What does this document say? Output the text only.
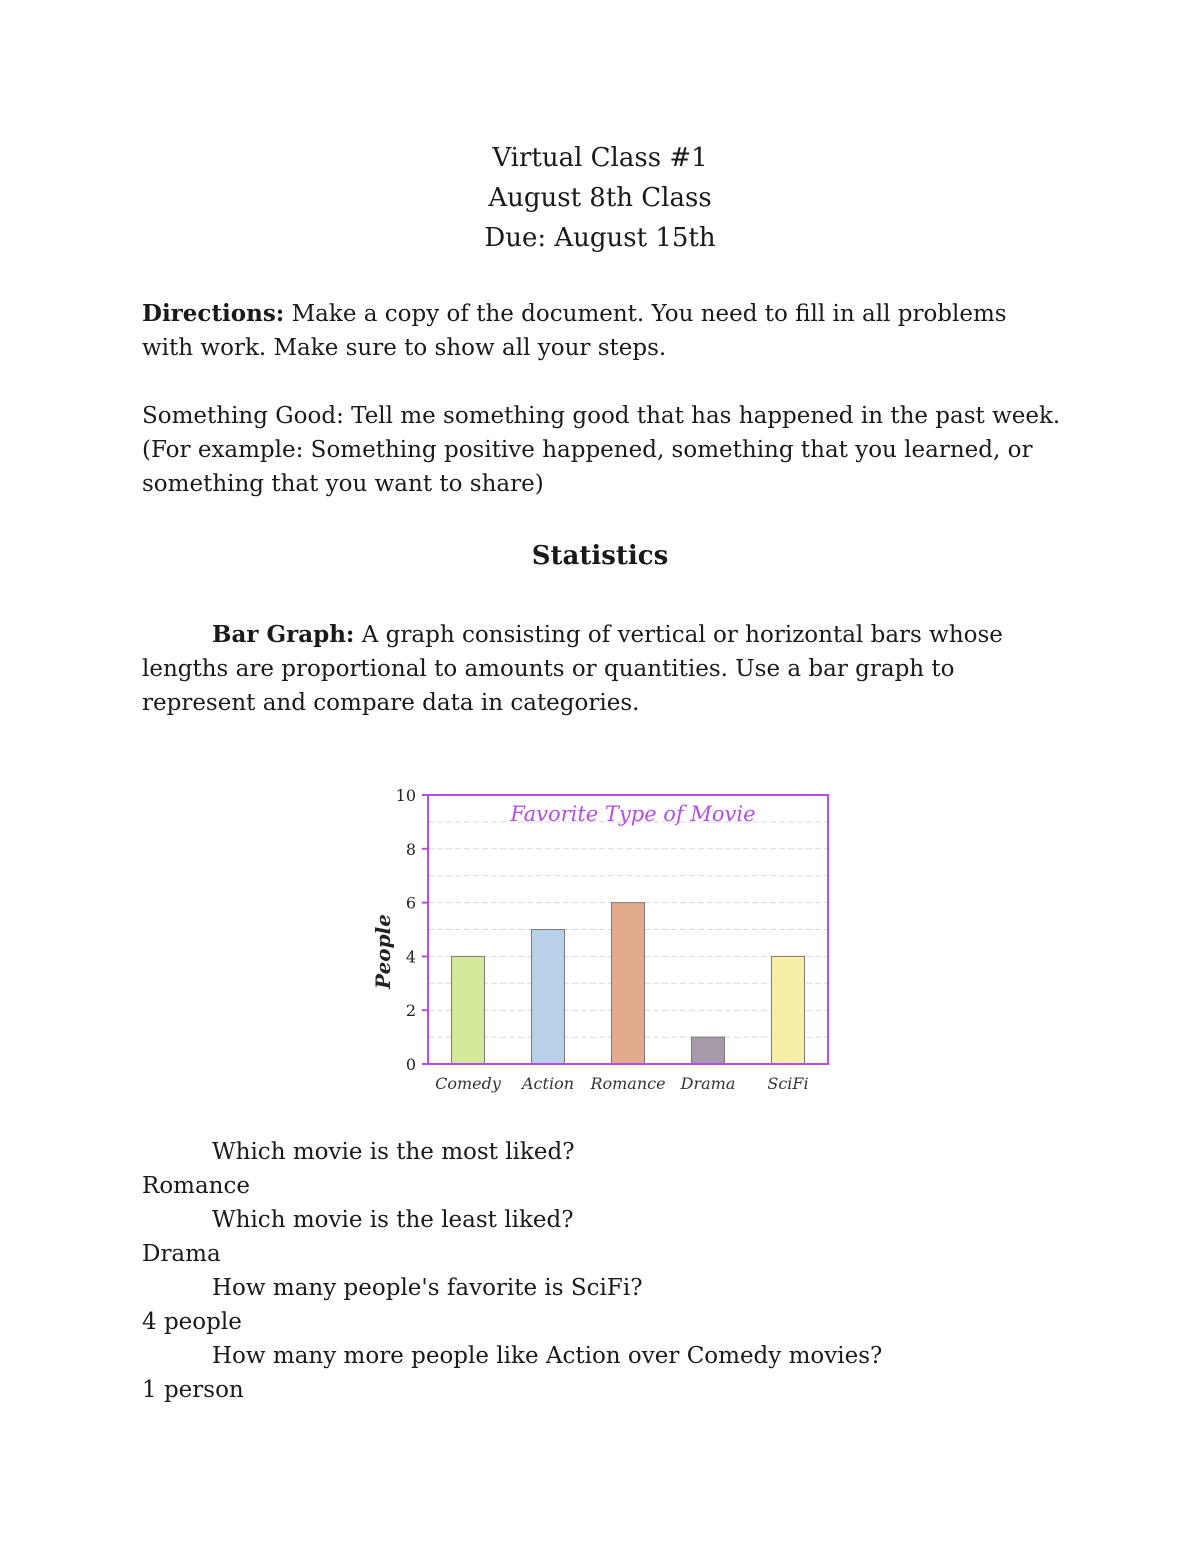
Virtual Class #1
August 8th Class
Due: August 15th
Directions: Make a copy of the document. You need to fill in all problems with work. Make sure to show all your steps.
Something Good: Tell me something good that has happened in the past week. (For example: Something positive happened, something that you learned, or something that you want to share)
Statistics
Bar Graph: A graph consisting of vertical or horizontal bars whose lengths are proportional to amounts or quantities. Use a bar graph to represent and compare data in categories.
Comedy Action Romance Drama SciFi
0
2
4
6
8
10
Favorite Type of Movie
People
Which movie is the most liked?
Romance
Which movie is the least liked?
Drama
How many people's favorite is SciFi?
4 people
How many more people like Action over Comedy movies?
1 person
